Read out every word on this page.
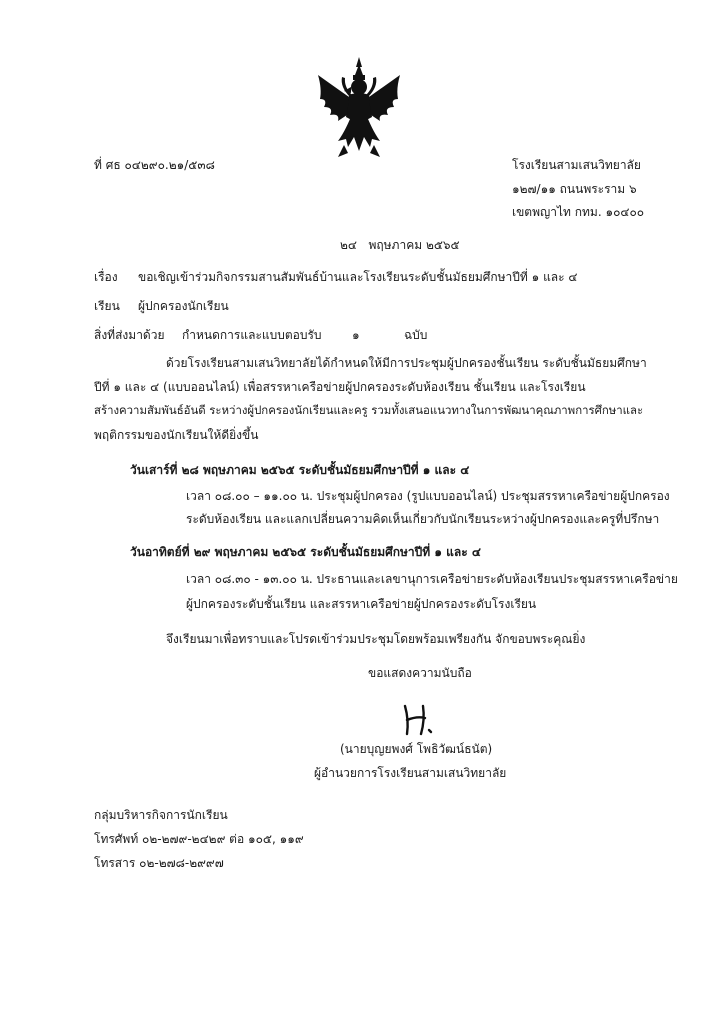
ที่ ศธ ๐๔๒๙๐.๒๑/๕๓๘	โรงเรียนสามเสนวิทยาลัย
๑๒๗/๑๑ ถนนพระราม ๖
เขตพญาไท กทม. ๑๐๔๐๐
๒๔ พฤษภาคม ๒๕๖๕
เรื่อง ขอเชิญเข้าร่วมกิจกรรมสานสัมพันธ์บ้านและโรงเรียนระดับชั้นมัธยมศึกษาปีที่ ๑ และ ๔
เรียน ผู้ปกครองนักเรียน
สิ่งที่ส่งมาด้วย กำหนดการและแบบตอบรับ	๑	ฉบับ
ด้วยโรงเรียนสามเสนวิทยาลัยได้กำหนดให้มีการประชุมผู้ปกครองชั้นเรียน ระดับชั้นมัธยมศึกษา
ปีที่ ๑ และ ๔ (แบบออนไลน์) เพื่อสรรหาเครือข่ายผู้ปกครองระดับห้องเรียน ชั้นเรียน และโรงเรียน
สร้างความสัมพันธ์อันดี ระหว่างผู้ปกครองนักเรียนและครู รวมทั้งเสนอแนวทางในการพัฒนาคุณภาพการศึกษาและ
พฤติกรรมของนักเรียนให้ดียิ่งขึ้น
วันเสาร์ที่ ๒๘ พฤษภาคม ๒๕๖๕ ระดับชั้นมัธยมศึกษาปีที่ ๑ และ ๔
เวลา ๐๘.๐๐ – ๑๑.๐๐ น. ประชุมผู้ปกครอง (รูปแบบออนไลน์) ประชุมสรรหาเครือข่ายผู้ปกครอง
ระดับห้องเรียน และแลกเปลี่ยนความคิดเห็นเกี่ยวกับนักเรียนระหว่างผู้ปกครองและครูที่ปรึกษา
วันอาทิตย์ที่ ๒๙ พฤษภาคม ๒๕๖๕ ระดับชั้นมัธยมศึกษาปีที่ ๑ และ ๔
เวลา ๐๘.๓๐ - ๑๓.๐๐ น. ประธานและเลขานุการเครือข่ายระดับห้องเรียนประชุมสรรหาเครือข่าย
ผู้ปกครองระดับชั้นเรียน และสรรหาเครือข่ายผู้ปกครองระดับโรงเรียน
จึงเรียนมาเพื่อทราบและโปรดเข้าร่วมประชุมโดยพร้อมเพรียงกัน จักขอบพระคุณยิ่ง
ขอแสดงความนับถือ
(นายบุญยพงศ์ โพธิวัฒน์ธนัต)
ผู้อำนวยการโรงเรียนสามเสนวิทยาลัย
กลุ่มบริหารกิจการนักเรียน
โทรศัพท์ ๐๒-๒๗๙-๒๔๒๙ ต่อ ๑๐๕, ๑๑๙
โทรสาร ๐๒-๒๗๘-๒๙๙๗
